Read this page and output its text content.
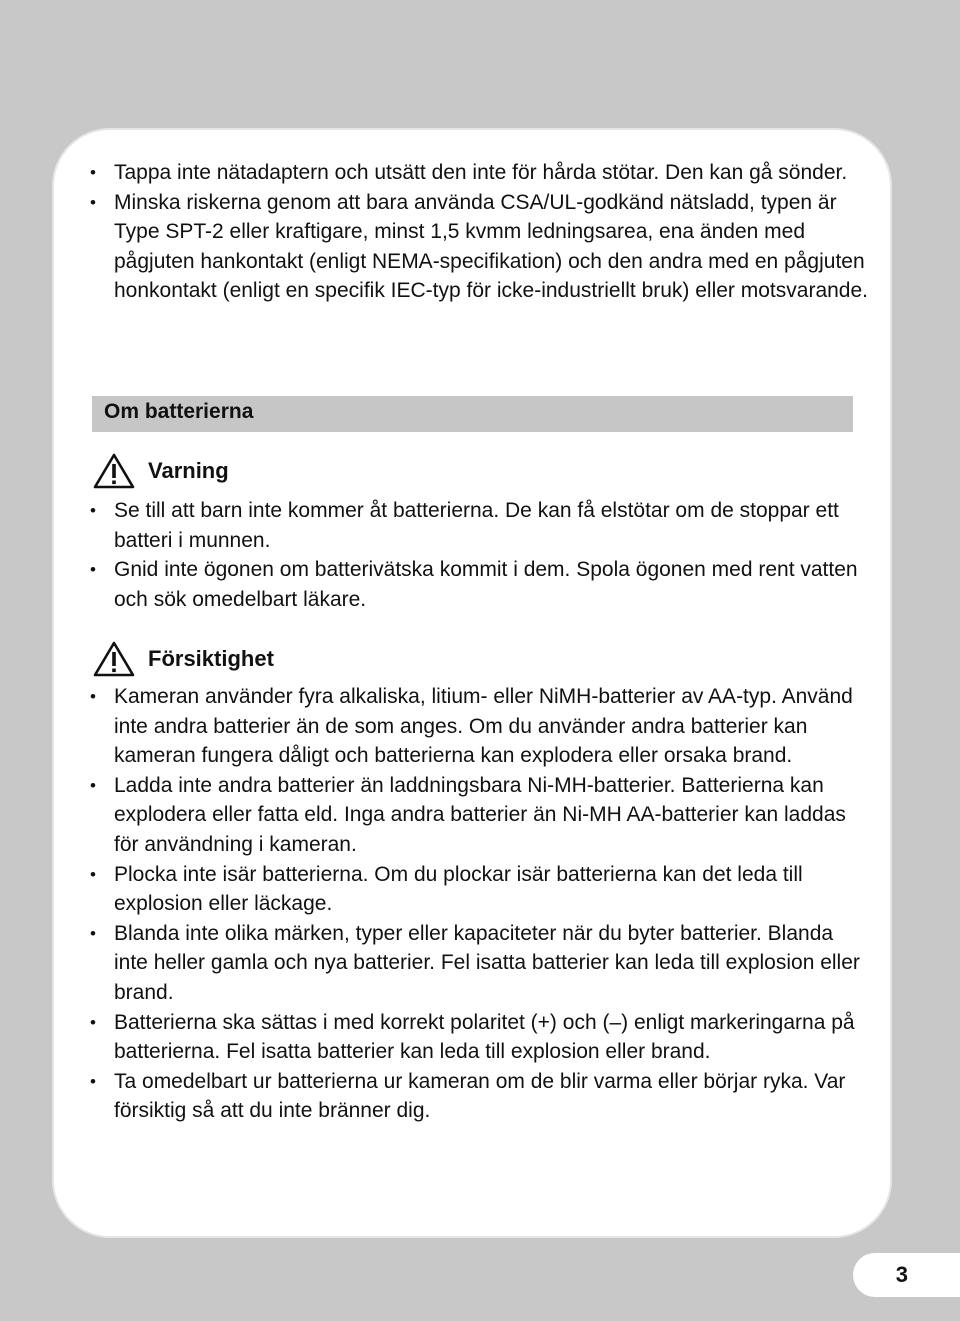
• Tappa inte nätadaptern och utsätt den inte för hårda stötar. Den kan gå sönder.
• Minska riskerna genom att bara använda CSA/UL-godkänd nätsladd, typen är Type SPT-2 eller kraftigare, minst 1,5 kvmm ledningsarea, ena änden med pågjuten hankontakt (enligt NEMA-specifikation) och den andra med en pågjuten honkontakt (enligt en specifik IEC-typ för icke-industriellt bruk) eller motsvarande.
Om batterierna
Varning
• Se till att barn inte kommer åt batterierna. De kan få elstötar om de stoppar ett batteri i munnen.
• Gnid inte ögonen om batterivätska kommit i dem. Spola ögonen med rent vatten och sök omedelbart läkare.
Försiktighet
• Kameran använder fyra alkaliska, litium- eller NiMH-batterier av AA-typ. Använd inte andra batterier än de som anges. Om du använder andra batterier kan kameran fungera dåligt och batterierna kan explodera eller orsaka brand.
• Ladda inte andra batterier än laddningsbara Ni-MH-batterier. Batterierna kan explodera eller fatta eld. Inga andra batterier än Ni-MH AA-batterier kan laddas för användning i kameran.
• Plocka inte isär batterierna. Om du plockar isär batterierna kan det leda till explosion eller läckage.
• Blanda inte olika märken, typer eller kapaciteter när du byter batterier. Blanda inte heller gamla och nya batterier. Fel isatta batterier kan leda till explosion eller brand.
• Batterierna ska sättas i med korrekt polaritet (+) och (–) enligt markeringarna på batterierna. Fel isatta batterier kan leda till explosion eller brand.
• Ta omedelbart ur batterierna ur kameran om de blir varma eller börjar ryka. Var försiktig så att du inte bränner dig.
3
